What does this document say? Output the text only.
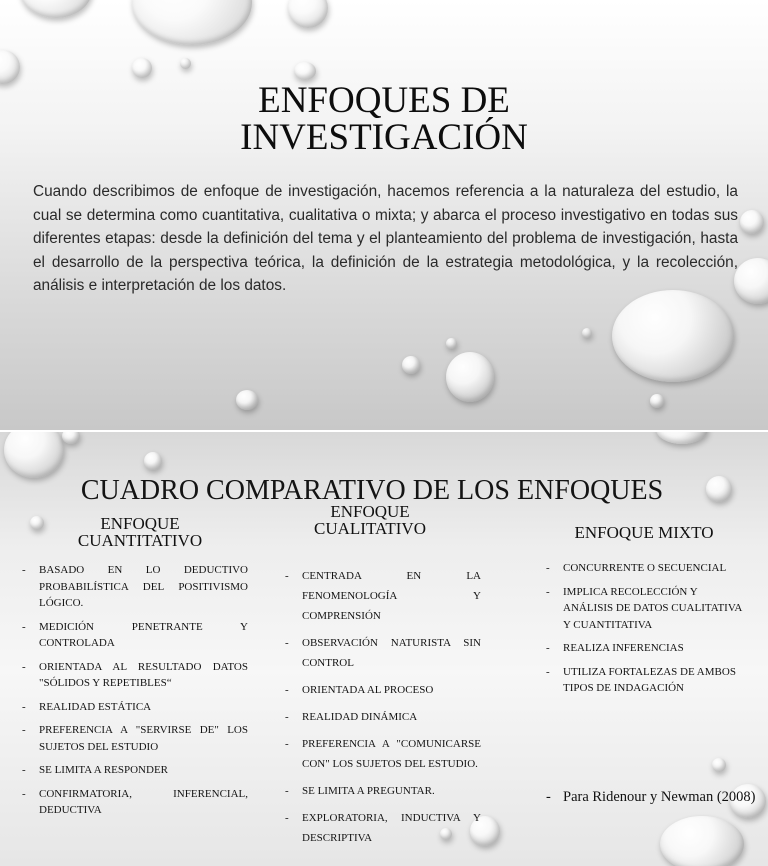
ENFOQUES DE
INVESTIGACIÓN
Cuando describimos de enfoque de investigación, hacemos referencia a la naturaleza del estudio, la cual se determina como cuantitativa, cualitativa o mixta; y abarca el proceso investigativo en todas sus diferentes etapas: desde la definición del tema y el planteamiento del problema de investigación, hasta el desarrollo de la perspectiva teórica, la definición de la estrategia metodológica, y la recolección, análisis e interpretación de los datos.
CUADRO COMPARATIVO DE LOS ENFOQUES
ENFOQUE
CUANTITATIVO
ENFOQUE
CUALITATIVO	ENFOQUE MIXTO
- BASADO EN LO DEDUCTIVO PROBABILÍSTICA DEL POSITIVISMO LÓGICO.
- MEDICIÓN PENETRANTE Y CONTROLADA
- ORIENTADA AL RESULTADO DATOS "SÓLIDOS Y REPETIBLES“
- REALIDAD ESTÁTICA
- PREFERENCIA A "SERVIRSE DE" LOS SUJETOS DEL ESTUDIO
- SE LIMITA A RESPONDER
- CONFIRMATORIA, INFERENCIAL, DEDUCTIVA
- CENTRADA EN LA FENOMENOLOGÍA Y COMPRENSIÓN
- OBSERVACIÓN NATURISTA SIN CONTROL
- ORIENTADA AL PROCESO
- REALIDAD DINÁMICA
- PREFERENCIA A "COMUNICARSE CON" LOS SUJETOS DEL ESTUDIO.
- SE LIMITA A PREGUNTAR.
- EXPLORATORIA, INDUCTIVA Y DESCRIPTIVA
- CONCURRENTE O SECUENCIAL
- IMPLICA RECOLECCIÓN Y ANÁLISIS DE DATOS CUALITATIVA Y CUANTITATIVA
- REALIZA INFERENCIAS
- UTILIZA FORTALEZAS DE AMBOS TIPOS DE INDAGACIÓN
- Para Ridenour y Newman (2008)
